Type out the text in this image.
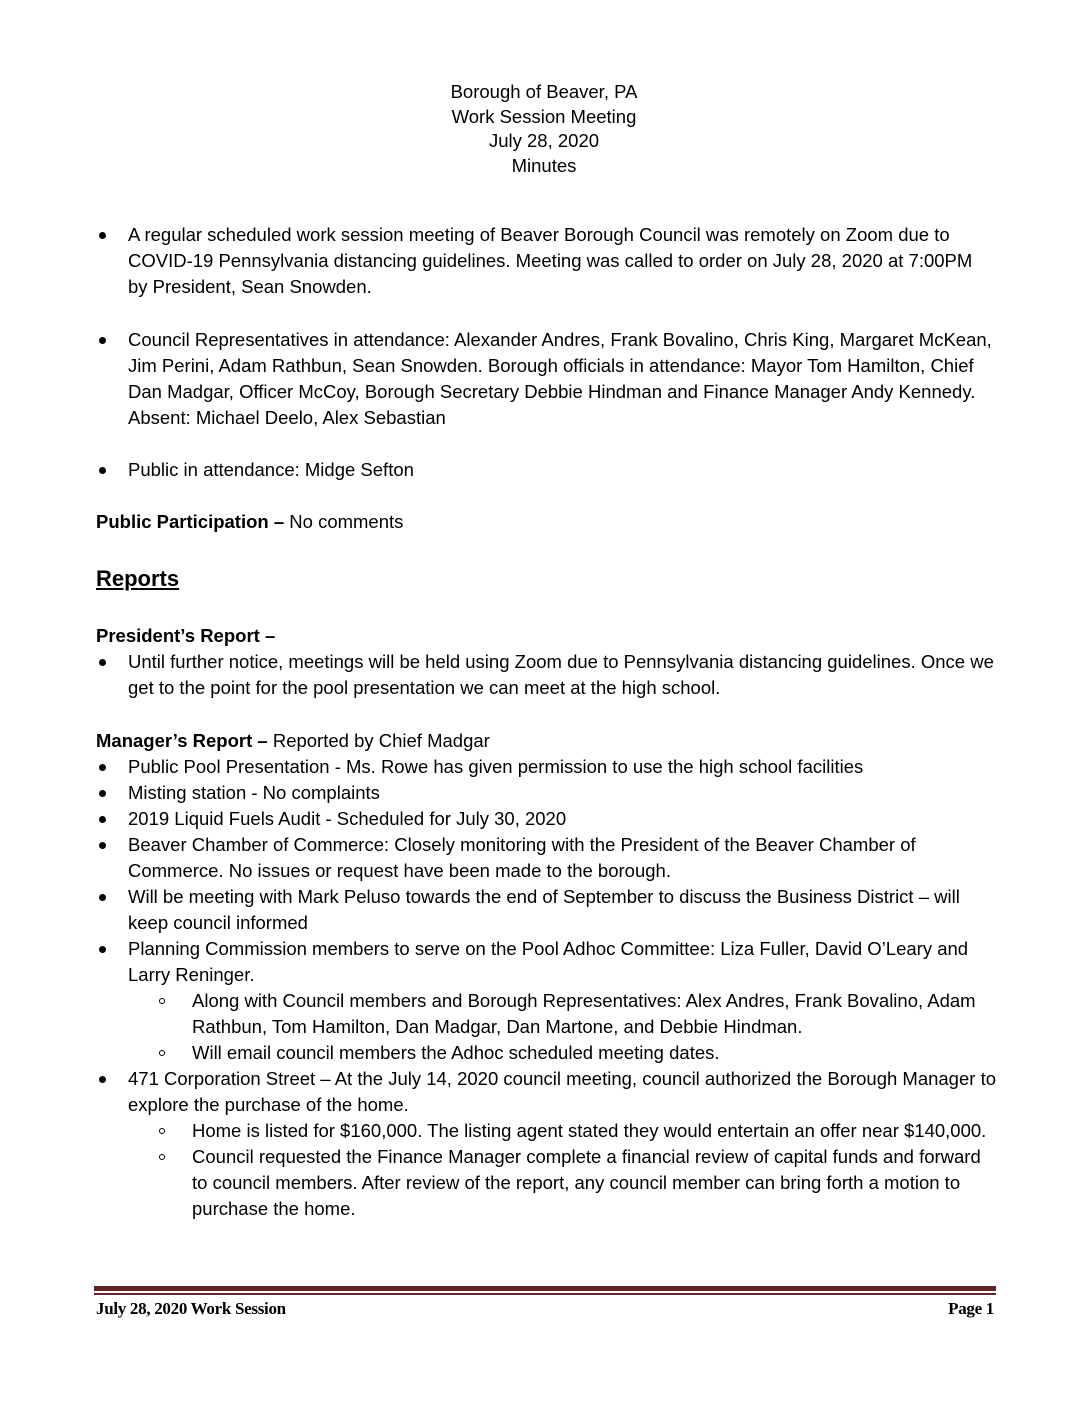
Borough of Beaver, PA
Work Session Meeting
July 28, 2020
Minutes
A regular scheduled work session meeting of Beaver Borough Council was remotely on Zoom due to COVID-19 Pennsylvania distancing guidelines. Meeting was called to order on July 28, 2020 at 7:00PM by President, Sean Snowden.
Council Representatives in attendance: Alexander Andres, Frank Bovalino, Chris King, Margaret McKean, Jim Perini, Adam Rathbun, Sean Snowden. Borough officials in attendance: Mayor Tom Hamilton, Chief Dan Madgar, Officer McCoy, Borough Secretary Debbie Hindman and Finance Manager Andy Kennedy. Absent: Michael Deelo, Alex Sebastian
Public in attendance: Midge Sefton
Public Participation – No comments
Reports
President’s Report –
Until further notice, meetings will be held using Zoom due to Pennsylvania distancing guidelines. Once we get to the point for the pool presentation we can meet at the high school.
Manager’s Report – Reported by Chief Madgar
Public Pool Presentation - Ms. Rowe has given permission to use the high school facilities
Misting station - No complaints
2019 Liquid Fuels Audit - Scheduled for July 30, 2020
Beaver Chamber of Commerce: Closely monitoring with the President of the Beaver Chamber of Commerce. No issues or request have been made to the borough.
Will be meeting with Mark Peluso towards the end of September to discuss the Business District – will keep council informed
Planning Commission members to serve on the Pool Adhoc Committee: Liza Fuller, David O’Leary and Larry Reninger.
Along with Council members and Borough Representatives: Alex Andres, Frank Bovalino, Adam Rathbun, Tom Hamilton, Dan Madgar, Dan Martone, and Debbie Hindman.
Will email council members the Adhoc scheduled meeting dates.
471 Corporation Street – At the July 14, 2020 council meeting, council authorized the Borough Manager to explore the purchase of the home.
Home is listed for $160,000. The listing agent stated they would entertain an offer near $140,000.
Council requested the Finance Manager complete a financial review of capital funds and forward to council members. After review of the report, any council member can bring forth a motion to purchase the home.
July 28, 2020 Work Session	Page 1
